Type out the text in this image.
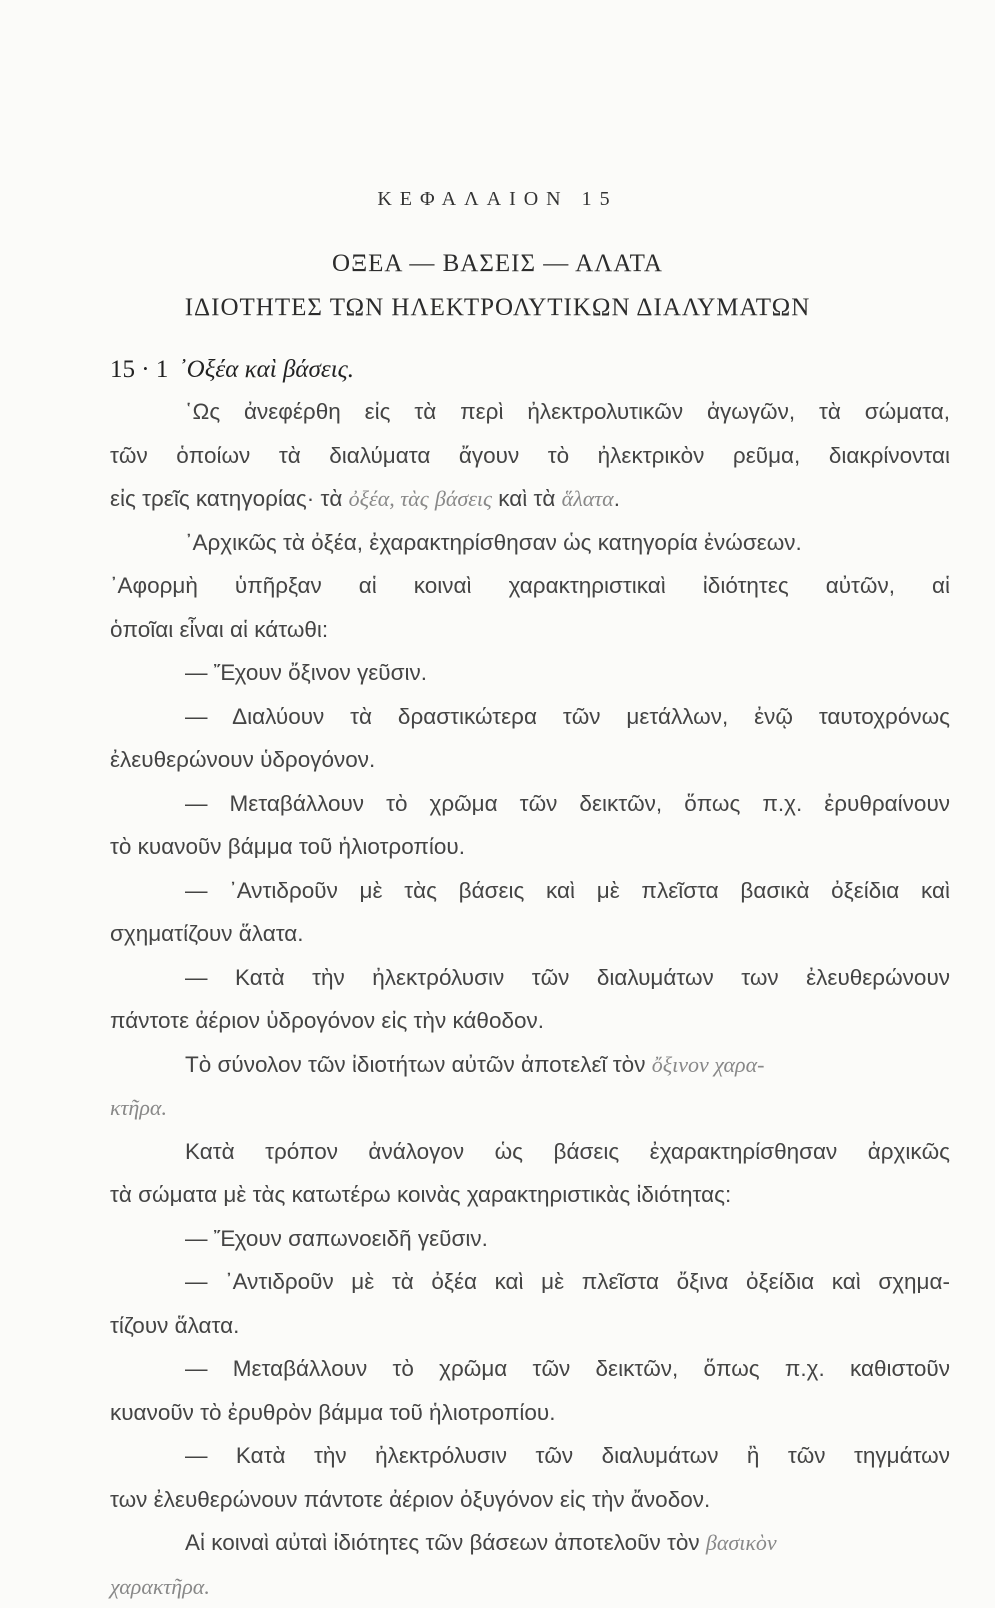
ΚΕΦΑΛΑΙΟΝ 15
ΟΞΕΑ — ΒΑΣΕΙΣ — ΑΛΑΤΑ
ΙΔΙΟΤΗΤΕΣ ΤΩΝ ΗΛΕΚΤΡΟΛΥΤΙΚΩΝ ΔΙΑΛΥΜΑΤΩΝ
15 · 1 ᾿Οξέα καὶ βάσεις.
῾Ως ἀνεφέρθη εἰς τὰ περὶ ἠλεκτρολυτικῶν ἀγωγῶν, τὰ σώματα,
τῶν ὁποίων τὰ διαλύματα ἄγουν τὸ ἠλεκτρικὸν ρεῦμα, διακρίνονται
εἰς τρεῖς κατηγορίας· τὰ ὀξέα, τὰς βάσεις καὶ τὰ ἅλατα.
᾿Αρχικῶς τὰ ὀξέα, ἐχαρακτηρίσθησαν ὡς κατηγορία ἐνώσεων.
᾿Αφορμὴ ὑπῆρξαν αἱ κοιναὶ χαρακτηριστικαὶ ἰδιότητες αὐτῶν, αἱ
ὁποῖαι εἶναι αἱ κάτωθι:
— Ἔχουν ὄξινον γεῦσιν.
— Διαλύουν τὰ δραστικώτερα τῶν μετάλλων, ἐνῷ ταυτοχρόνως
ἐλευθερώνουν ὑδρογόνον.
— Μεταβάλλουν τὸ χρῶμα τῶν δεικτῶν, ὅπως π.χ. ἐρυθραίνουν
τὸ κυανοῦν βάμμα τοῦ ἡλιοτροπίου.
— ᾿Αντιδροῦν μὲ τὰς βάσεις καὶ μὲ πλεῖστα βασικὰ ὀξείδια καὶ
σχηματίζουν ἅλατα.
— Κατὰ τὴν ἠλεκτρόλυσιν τῶν διαλυμάτων των ἐλευθερώνουν
πάντοτε ἀέριον ὑδρογόνον εἰς τὴν κάθοδον.
Τὸ σύνολον τῶν ἰδιοτήτων αὐτῶν ἀποτελεῖ τὸν ὄξινον χαρα-
κτῆρα.
Κατὰ τρόπον ἀνάλογον ὡς βάσεις ἐχαρακτηρίσθησαν ἀρχικῶς
τὰ σώματα μὲ τὰς κατωτέρω κοινὰς χαρακτηριστικὰς ἰδιότητας:
— Ἔχουν σαπωνοειδῆ γεῦσιν.
— ᾿Αντιδροῦν μὲ τὰ ὀξέα καὶ μὲ πλεῖστα ὄξινα ὀξείδια καὶ σχημα-
τίζουν ἅλατα.
— Μεταβάλλουν τὸ χρῶμα τῶν δεικτῶν, ὅπως π.χ. καθιστοῦν
κυανοῦν τὸ ἐρυθρὸν βάμμα τοῦ ἡλιοτροπίου.
— Κατὰ τὴν ἠλεκτρόλυσιν τῶν διαλυμάτων ἢ τῶν τηγμάτων
των ἐλευθερώνουν πάντοτε ἀέριον ὀξυγόνον εἰς τὴν ἄνοδον.
Αἱ κοιναὶ αὐταὶ ἰδιότητες τῶν βάσεων ἀποτελοῦν τὸν βασικὸν
χαρακτῆρα.
